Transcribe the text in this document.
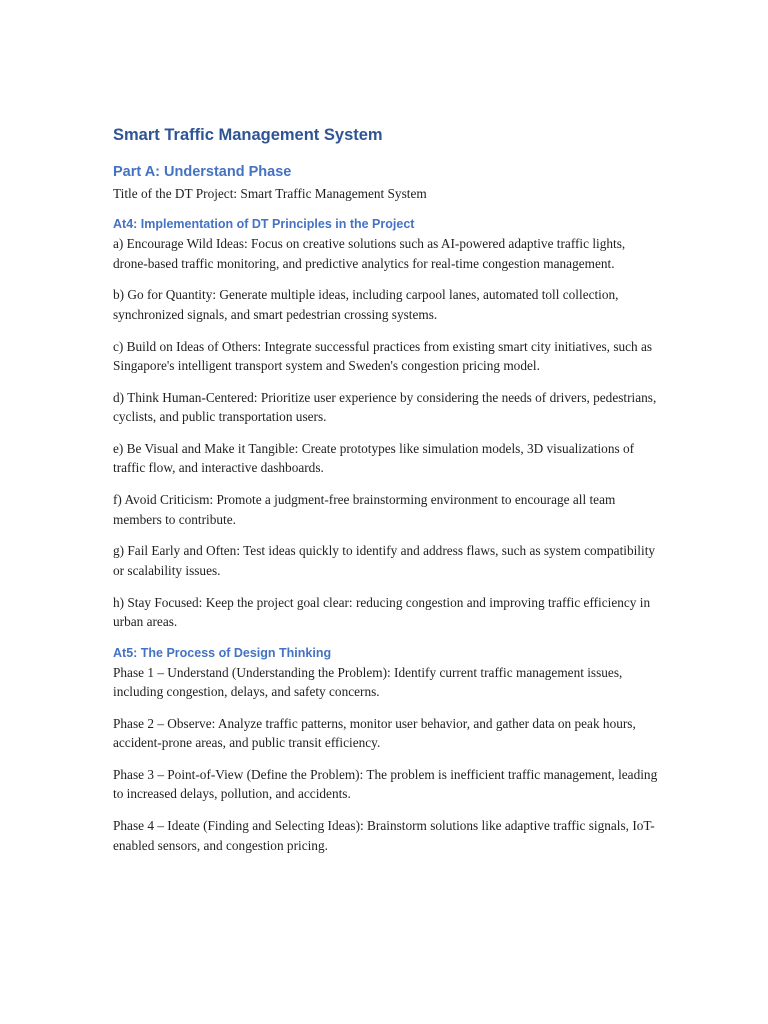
Smart Traffic Management System
Part A: Understand Phase

Title of the DT Project: Smart Traffic Management System

At4: Implementation of DT Principles in the Project

a) Encourage Wild Ideas: Focus on creative solutions such as AI-powered adaptive traffic lights, drone-based traffic monitoring, and predictive analytics for real-time congestion management.

b) Go for Quantity: Generate multiple ideas, including carpool lanes, automated toll collection, synchronized signals, and smart pedestrian crossing systems.

c) Build on Ideas of Others: Integrate successful practices from existing smart city initiatives, such as Singapore's intelligent transport system and Sweden's congestion pricing model.

d) Think Human-Centered: Prioritize user experience by considering the needs of drivers, pedestrians, cyclists, and public transportation users.

e) Be Visual and Make it Tangible: Create prototypes like simulation models, 3D visualizations of traffic flow, and interactive dashboards.

f) Avoid Criticism: Promote a judgment-free brainstorming environment to encourage all team members to contribute.

g) Fail Early and Often: Test ideas quickly to identify and address flaws, such as system compatibility or scalability issues.

h) Stay Focused: Keep the project goal clear: reducing congestion and improving traffic efficiency in urban areas.

At5: The Process of Design Thinking

Phase 1 – Understand (Understanding the Problem): Identify current traffic management issues, including congestion, delays, and safety concerns.

Phase 2 – Observe: Analyze traffic patterns, monitor user behavior, and gather data on peak hours, accident-prone areas, and public transit efficiency.

Phase 3 – Point-of-View (Define the Problem): The problem is inefficient traffic management, leading to increased delays, pollution, and accidents.

Phase 4 – Ideate (Finding and Selecting Ideas): Brainstorm solutions like adaptive traffic signals, IoT-enabled sensors, and congestion pricing.
